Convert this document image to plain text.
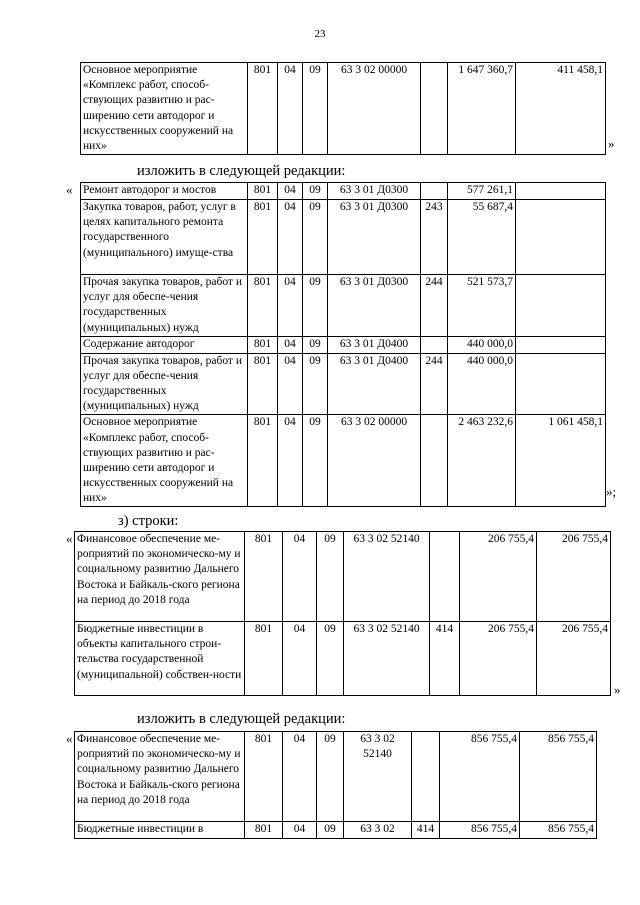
23
Основное мероприятие «Комплекс работ, способ-ствующих развитию и рас-ширению сети автодорог и искусственных сооружений на них»	801	04	09	63 3 02 00000		1 647 360,7	411 458,1
»
изложить в следующей редакции:
« Ремонт автодорог и мостов	801	04	09	63 3 01 Д0300		577 261,1	
Закупка товаров, работ, услуг в целях капитального ремонта государственного (муниципального) имуще-ства	801	04	09	63 3 01 Д0300	243	55 687,4	
Прочая закупка товаров, работ и услуг для обеспе-чения государственных (муниципальных) нужд	801	04	09	63 3 01 Д0300	244	521 573,7	
Содержание автодорог	801	04	09	63 3 01 Д0400		440 000,0	
Прочая закупка товаров, работ и услуг для обеспе-чения государственных (муниципальных) нужд	801	04	09	63 3 01 Д0400	244	440 000,0	
Основное мероприятие «Комплекс работ, способ-ствующих развитию и рас-ширению сети автодорог и искусственных сооружений на них»	801	04	09	63 3 02 00000		2 463 232,6	1 061 458,1
»;
з) строки:
« Финансовое обеспечение ме-роприятий по экономическо-му и социальному развитию Дальнего Востока и Байкаль-ского региона на период до 2018 года	801	04	09	63 3 02 52140		206 755,4	206 755,4
Бюджетные инвестиции в объекты капитального строи-тельства государственной (муниципальной) собствен-ности	801	04	09	63 3 02 52140	414	206 755,4	206 755,4
»
изложить в следующей редакции:
« Финансовое обеспечение ме-роприятий по экономическо-му и социальному развитию Дальнего Востока и Байкаль-ского региона на период до 2018 года	801	04	09	63 3 02 52140		856 755,4	856 755,4
Бюджетные инвестиции в	801	04	09	63 3 02	414	856 755,4	856 755,4
